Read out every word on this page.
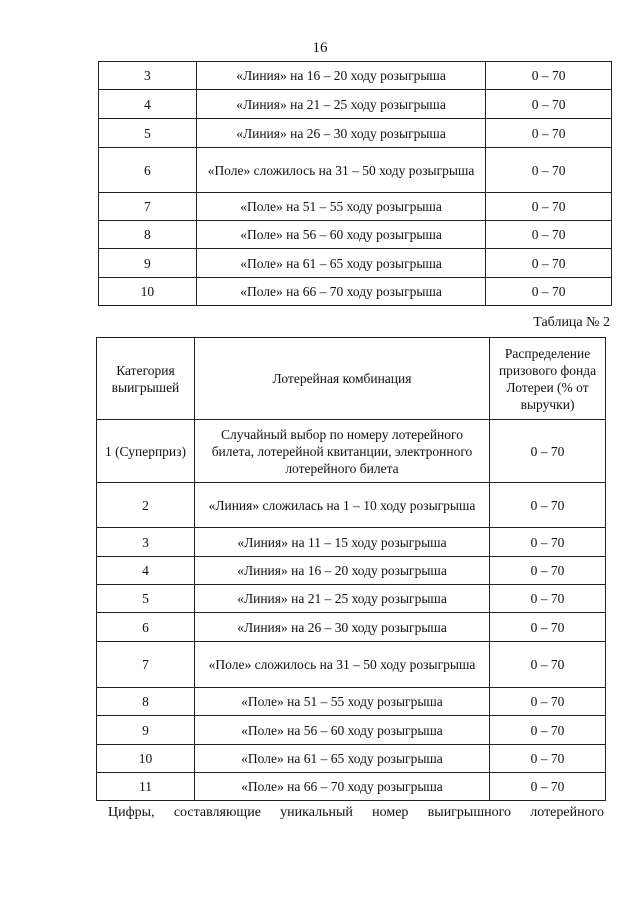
16
3	«Линия» на 16 – 20 ходу розыгрыша	0 – 70
4	«Линия» на 21 – 25 ходу розыгрыша	0 – 70
5	«Линия» на 26 – 30 ходу розыгрыша	0 – 70
6	«Поле» сложилось на 31 – 50 ходу розыгрыша	0 – 70
7	«Поле» на 51 – 55 ходу розыгрыша	0 – 70
8	«Поле» на 56 – 60 ходу розыгрыша	0 – 70
9	«Поле» на 61 – 65 ходу розыгрыша	0 – 70
10	«Поле» на 66 – 70 ходу розыгрыша	0 – 70
Таблица № 2
Категория выигрышей	Лотерейная комбинация	Распределение призового фонда Лотереи (% от выручки)
1 (Суперприз)	Случайный выбор по номеру лотерейного билета, лотерейной квитанции, электронного лотерейного билета	0 – 70
2	«Линия» сложилась на 1 – 10 ходу розыгрыша	0 – 70
3	«Линия» на 11 – 15 ходу розыгрыша	0 – 70
4	«Линия» на 16 – 20 ходу розыгрыша	0 – 70
5	«Линия» на 21 – 25 ходу розыгрыша	0 – 70
6	«Линия» на 26 – 30 ходу розыгрыша	0 – 70
7	«Поле» сложилось на 31 – 50 ходу розыгрыша	0 – 70
8	«Поле» на 51 – 55 ходу розыгрыша	0 – 70
9	«Поле» на 56 – 60 ходу розыгрыша	0 – 70
10	«Поле» на 61 – 65 ходу розыгрыша	0 – 70
11	«Поле» на 66 – 70 ходу розыгрыша	0 – 70
Цифры, составляющие уникальный номер выигрышного лотерейного
